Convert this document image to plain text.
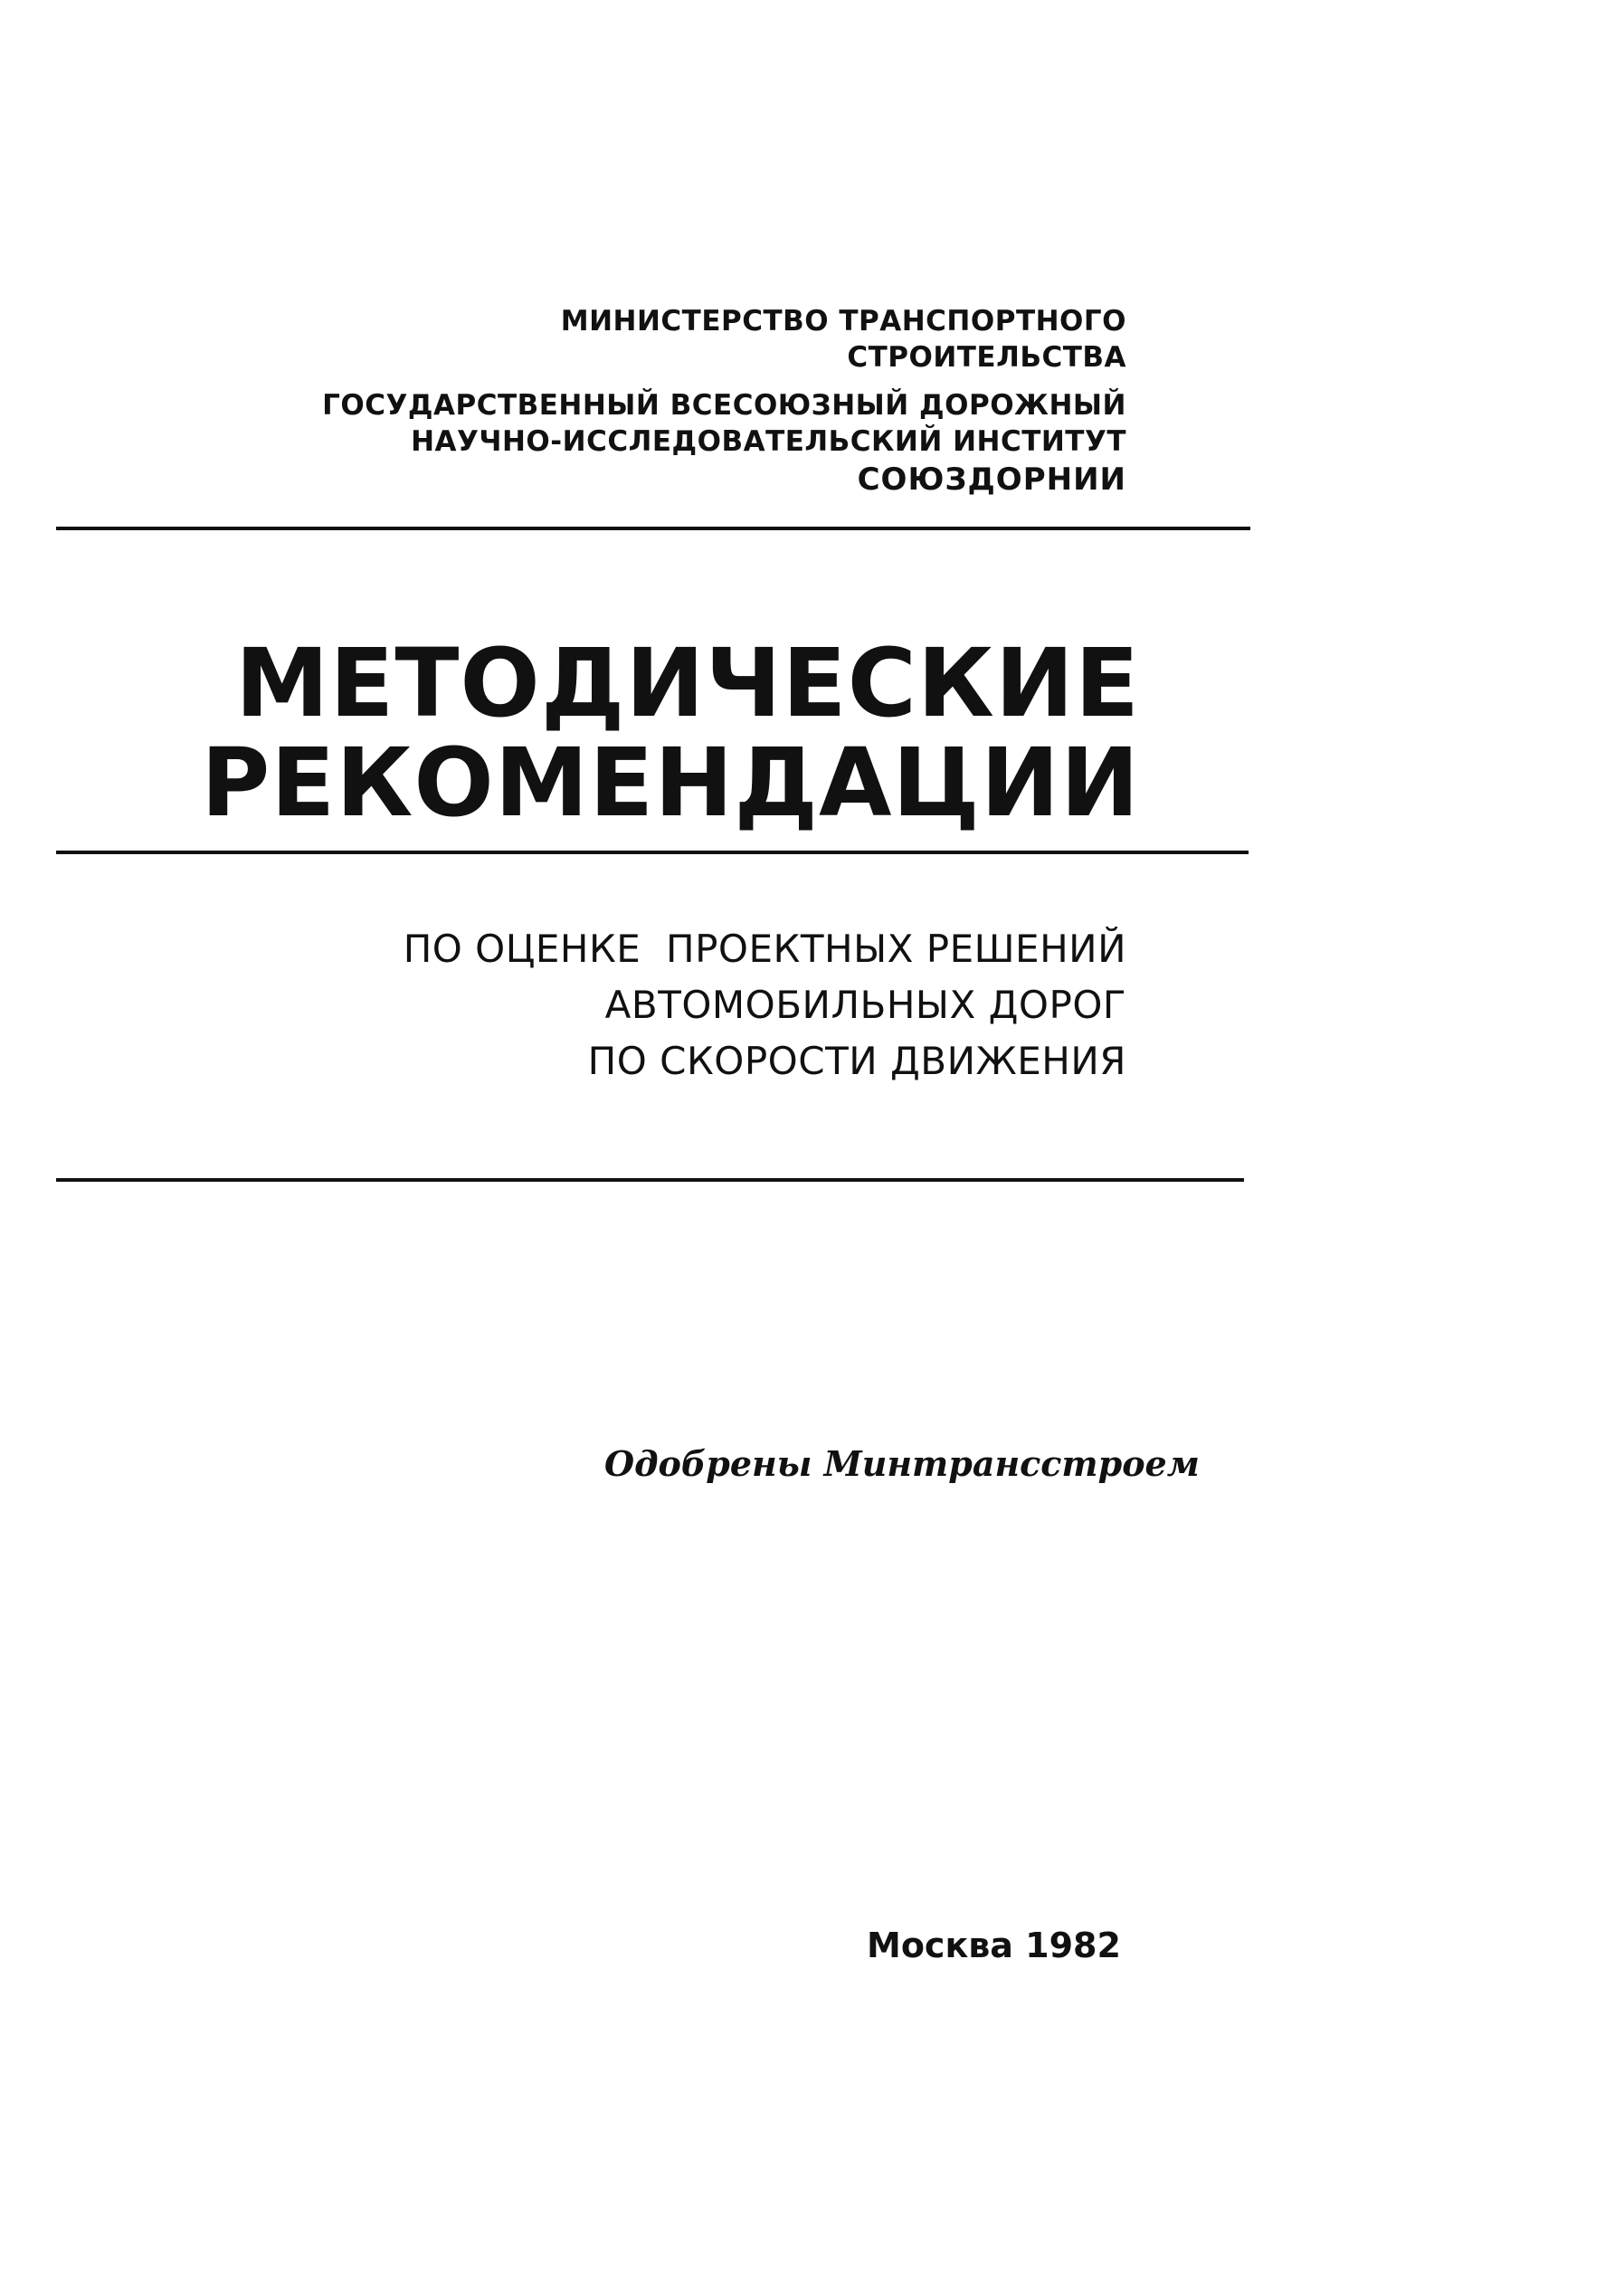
МИНИСТЕРСТВО ТРАНСПОРТНОГО
СТРОИТЕЛЬСТВА
ГОСУДАРСТВЕННЫЙ ВСЕСОЮЗНЫЙ ДОРОЖНЫЙ
НАУЧНО-ИССЛЕДОВАТЕЛЬСКИЙ ИНСТИТУТ
СОЮЗДОРНИИ
МЕТОДИЧЕСКИЕ
РЕКОМЕНДАЦИИ
ПО ОЦЕНКЕ  ПРОЕКТНЫХ РЕШЕНИЙ
АВТОМОБИЛЬНЫХ ДОРОГ
ПО СКОРОСТИ ДВИЖЕНИЯ
Одобрены Минтрансстроем
Москва 1982
